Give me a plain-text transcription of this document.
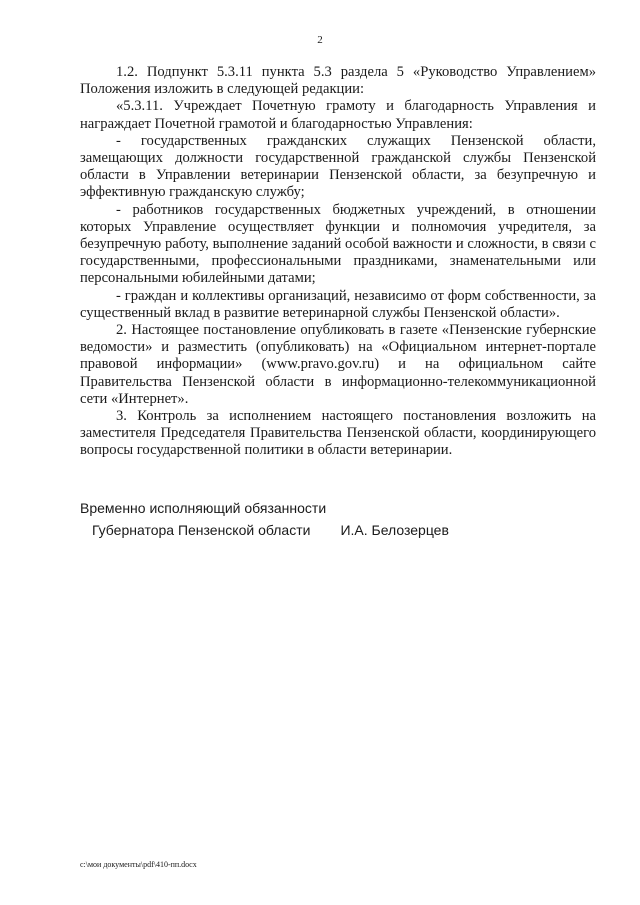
2

1.2. Подпункт 5.3.11 пункта 5.3 раздела 5 «Руководство Управлением» Положения изложить в следующей редакции:

«5.3.11. Учреждает Почетную грамоту и благодарность Управления и награждает Почетной грамотой и благодарностью Управления:

- государственных гражданских служащих Пензенской области, замещающих должности государственной гражданской службы Пензенской области в Управлении ветеринарии Пензенской области, за безупречную и эффективную гражданскую службу;

- работников государственных бюджетных учреждений, в отношении которых Управление осуществляет функции и полномочия учредителя, за безупречную работу, выполнение заданий особой важности и сложности, в связи с государственными, профессиональными праздниками, знаменательными или персональными юбилейными датами;

- граждан и коллективы организаций, независимо от форм собственности, за существенный вклад в развитие ветеринарной службы Пензенской области».

2. Настоящее постановление опубликовать в газете «Пензенские губернские ведомости» и разместить (опубликовать) на «Официальном интернет-портале правовой информации» (www.pravo.gov.ru) и на официальном сайте Правительства Пензенской области в информационно-телекоммуникационной сети «Интернет».

3. Контроль за исполнением настоящего постановления возложить на заместителя Председателя Правительства Пензенской области, координирующего вопросы государственной политики в области ветеринарии.

Временно исполняющий обязанности
Губернатора Пензенской области И.А. Белозерцев
c:\мои документы\pdf\410-пп.docx
